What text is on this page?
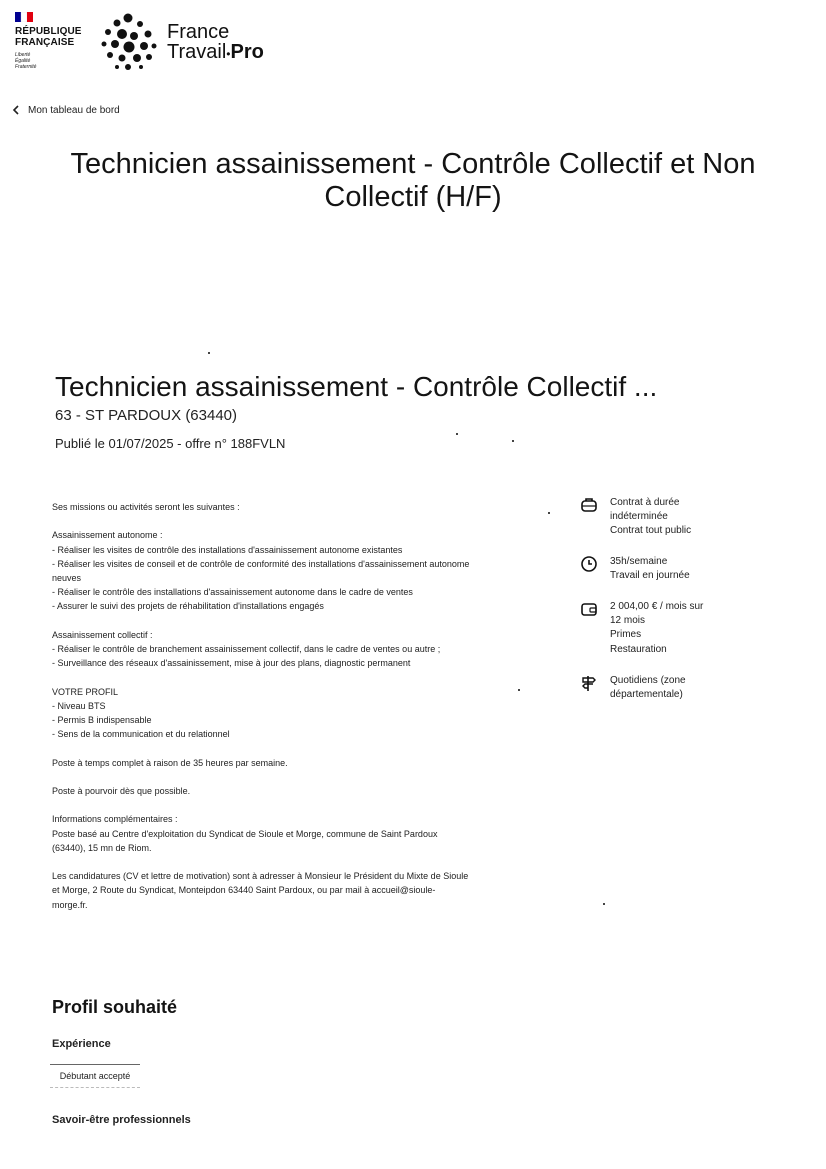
RÉPUBLIQUE
FRANÇAISE
Liberté
Égalité
Fraternité
France
Travail•Pro
Mon tableau de bord
Technicien assainissement - Contrôle Collectif et Non
Collectif (H/F)
Technicien assainissement - Contrôle Collectif ...
63 - ST PARDOUX (63440)
Publié le 01/07/2025 - offre n° 188FVLN
Ses missions ou activités seront les suivantes :
Assainissement autonome :
- Réaliser les visites de contrôle des installations d'assainissement autonome existantes
- Réaliser les visites de conseil et de contrôle de conformité des installations d'assainissement autonome
neuves
- Réaliser le contrôle des installations d'assainissement autonome dans le cadre de ventes
- Assurer le suivi des projets de réhabilitation d'installations engagés
Assainissement collectif :
- Réaliser le contrôle de branchement assainissement collectif, dans le cadre de ventes ou autre ;
- Surveillance des réseaux d'assainissement, mise à jour des plans, diagnostic permanent
VOTRE PROFIL
- Niveau BTS
- Permis B indispensable
- Sens de la communication et du relationnel
Poste à temps complet à raison de 35 heures par semaine.
Poste à pourvoir dès que possible.
Informations complémentaires :
Poste basé au Centre d'exploitation du Syndicat de Sioule et Morge, commune de Saint Pardoux
(63440), 15 mn de Riom.
Les candidatures (CV et lettre de motivation) sont à adresser à Monsieur le Président du Mixte de Sioule
et Morge, 2 Route du Syndicat, Monteipdon 63440 Saint Pardoux, ou par mail à accueil@sioule-
morge.fr.
Contrat à durée
indéterminée
Contrat tout public
35h/semaine
Travail en journée
2 004,00 € / mois sur
12 mois
Primes
Restauration
Quotidiens (zone
départementale)
Profil souhaité
Expérience
Débutant accepté
Savoir-être professionnels
